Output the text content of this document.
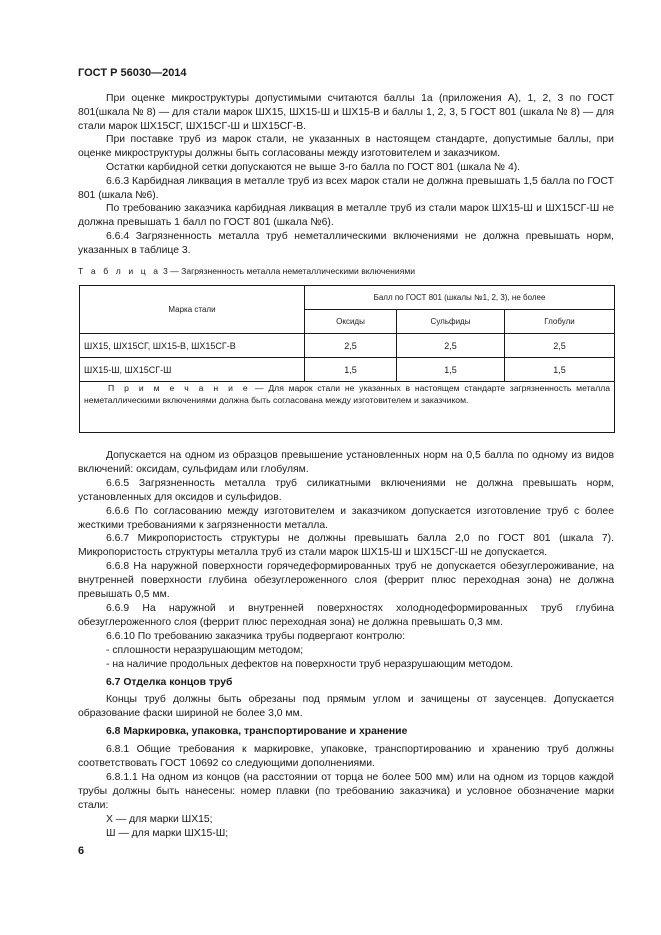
ГОСТ Р 56030—2014

При оценке микроструктуры допустимыми считаются баллы 1а (приложения А), 1, 2, 3 по ГОСТ 801(шкала № 8) — для стали марок ШХ15, ШХ15-Ш и ШХ15-В и баллы 1, 2, 3, 5 ГОСТ 801 (шкала № 8) — для стали марок ШХ15СГ, ШХ15СГ-Ш и ШХ15СГ-В.

При поставке труб из марок стали, не указанных в настоящем стандарте, допустимые баллы, при оценке микроструктуры должны быть согласованы между изготовителем и заказчиком.

Остатки карбидной сетки допускаются не выше 3-го балла по ГОСТ 801 (шкала № 4).

6.6.3 Карбидная ликвация в металле труб из всех марок стали не должна превышать 1,5 балла по ГОСТ 801 (шкала №6).

По требованию заказчика карбидная ликвация в металле труб из стали марок ШХ15-Ш и ШХ15СГ-Ш не должна превышать 1 балл по ГОСТ 801 (шкала №6).

6.6.4 Загрязненность металла труб неметаллическими включениями не должна превышать норм, указанных в таблице 3.

Т а б л и ц а 3 — Загрязненность металла неметаллическими включениями
Марка стали	Балл по ГОСТ 801 (шкалы №1, 2, 3), не более		
	Оксиды	Сульфиды	Глобули
ШХ15, ШХ15СГ, ШХ15-В, ШХ15СГ-В	2,5	2,5	2,5
ШХ15-Ш, ШХ15СГ-Ш	1,5	1,5	1,5
П р и м е ч а н и е — Для марок стали не указанных в настоящем стандарте загрязненность металла неметаллическими включениями должна быть согласована между изготовителем и заказчиком.			

Допускается на одном из образцов превышение установленных норм на 0,5 балла по одному из видов включений: оксидам, сульфидам или глобулям.

6.6.5 Загрязненность металла труб силикатными включениями не должна превышать норм, установленных для оксидов и сульфидов.

6.6.6 По согласованию между изготовителем и заказчиком допускается изготовление труб с более жесткими требованиями к загрязненности металла.

6.6.7 Микропористость структуры не должны превышать балла 2,0 по ГОСТ 801 (шкала 7). Микропористость структуры металла труб из стали марок ШХ15-Ш и ШХ15СГ-Ш не допускается.

6.6.8 На наружной поверхности горячедеформированных труб не допускается обезуглероживание, на внутренней поверхности глубина обезуглероженного слоя (феррит плюс переходная зона) не должна превышать 0,5 мм.

6.6.9 На наружной и внутренней поверхностях холоднодеформированных труб глубина обезуглероженного слоя (феррит плюс переходная зона) не должна превышать 0,3 мм.

6.6.10 По требованию заказчика трубы подвергают контролю:

- сплошности неразрушающим методом;

- на наличие продольных дефектов на поверхности труб неразрушающим методом.

6.7 Отделка концов труб

Концы труб должны быть обрезаны под прямым углом и зачищены от заусенцев. Допускается образование фаски шириной не более 3,0 мм.

6.8 Маркировка, упаковка, транспортирование и хранение

6.8.1 Общие требования к маркировке, упаковке, транспортированию и хранению труб должны соответствовать ГОСТ 10692 со следующими дополнениями.

6.8.1.1 На одном из концов (на расстоянии от торца не более 500 мм) или на одном из торцов каждой трубы должны быть нанесены: номер плавки (по требованию заказчика) и условное обозначение марки стали:

Х — для марки ШХ15;

Ш — для марки ШХ15-Ш;

6
